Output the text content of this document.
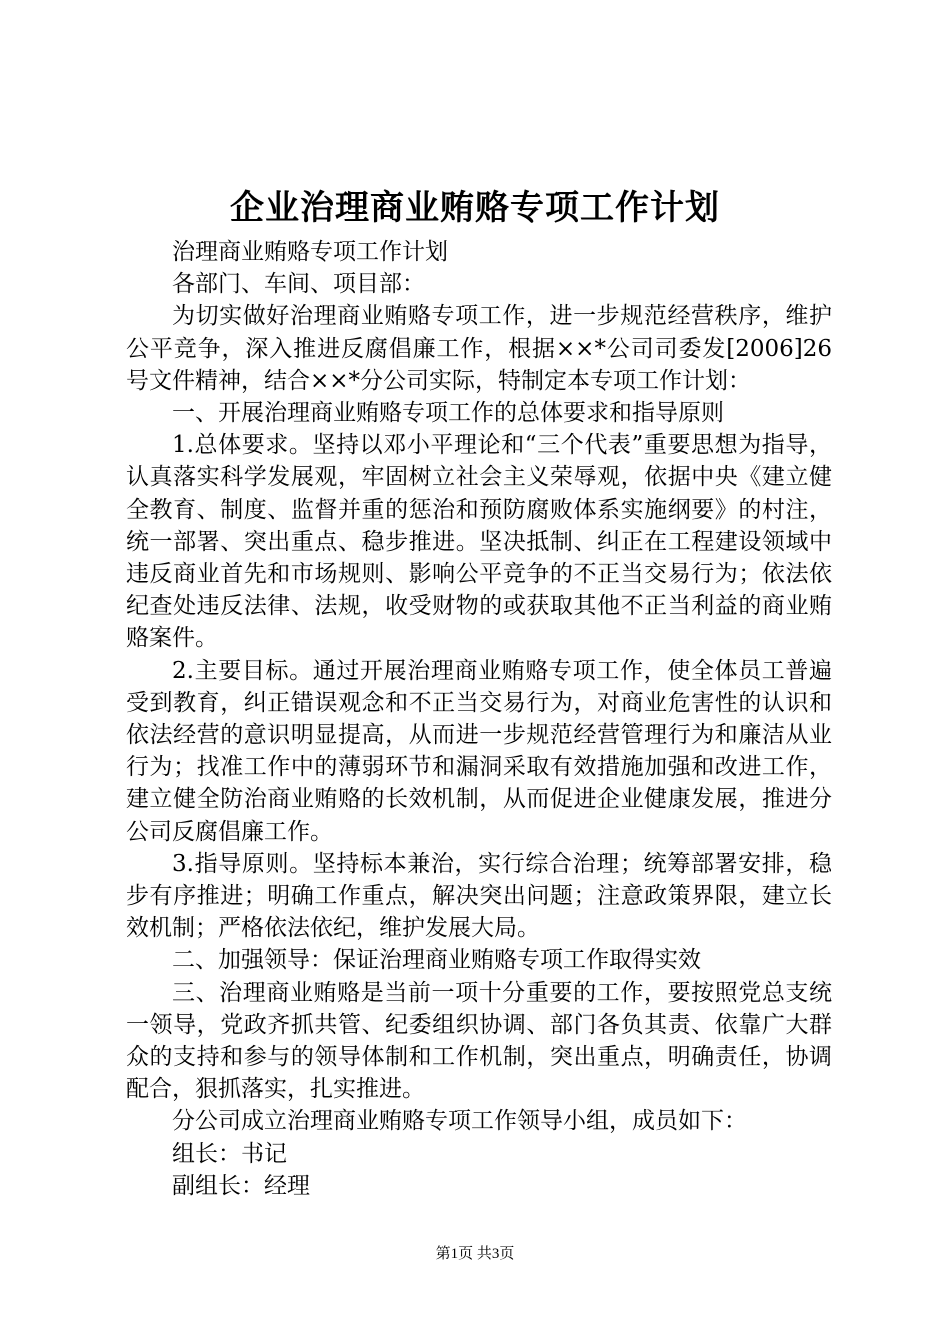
企业治理商业贿赂专项工作计划

治理商业贿赂专项工作计划

各部门、车间、项目部：

为切实做好治理商业贿赂专项工作，进一步规范经营秩序，维护公平竞争，深入推进反腐倡廉工作，根据××*公司司委发[2006]26号文件精神，结合××*分公司实际，特制定本专项工作计划：

一、开展治理商业贿赂专项工作的总体要求和指导原则

1.总体要求。坚持以邓小平理论和“三个代表”重要思想为指导，认真落实科学发展观，牢固树立社会主义荣辱观，依据中央《建立健全教育、制度、监督并重的惩治和预防腐败体系实施纲要》的村注，统一部署、突出重点、稳步推进。坚决抵制、纠正在工程建设领域中违反商业首先和市场规则、影响公平竞争的不正当交易行为；依法依纪查处违反法律、法规，收受财物的或获取其他不正当利益的商业贿赂案件。

2.主要目标。通过开展治理商业贿赂专项工作，使全体员工普遍受到教育，纠正错误观念和不正当交易行为，对商业危害性的认识和依法经营的意识明显提高，从而进一步规范经营管理行为和廉洁从业行为；找准工作中的薄弱环节和漏洞采取有效措施加强和改进工作，建立健全防治商业贿赂的长效机制，从而促进企业健康发展，推进分公司反腐倡廉工作。

3.指导原则。坚持标本兼治，实行综合治理；统筹部署安排，稳步有序推进；明确工作重点，解决突出问题；注意政策界限，建立长效机制；严格依法依纪，维护发展大局。

二、加强领导：保证治理商业贿赂专项工作取得实效

三、治理商业贿赂是当前一项十分重要的工作，要按照党总支统一领导，党政齐抓共管、纪委组织协调、部门各负其责、依靠广大群众的支持和参与的领导体制和工作机制，突出重点，明确责任，协调配合，狠抓落实，扎实推进。

分公司成立治理商业贿赂专项工作领导小组，成员如下：

组长：书记

副组长：经理

第1页 共3页
